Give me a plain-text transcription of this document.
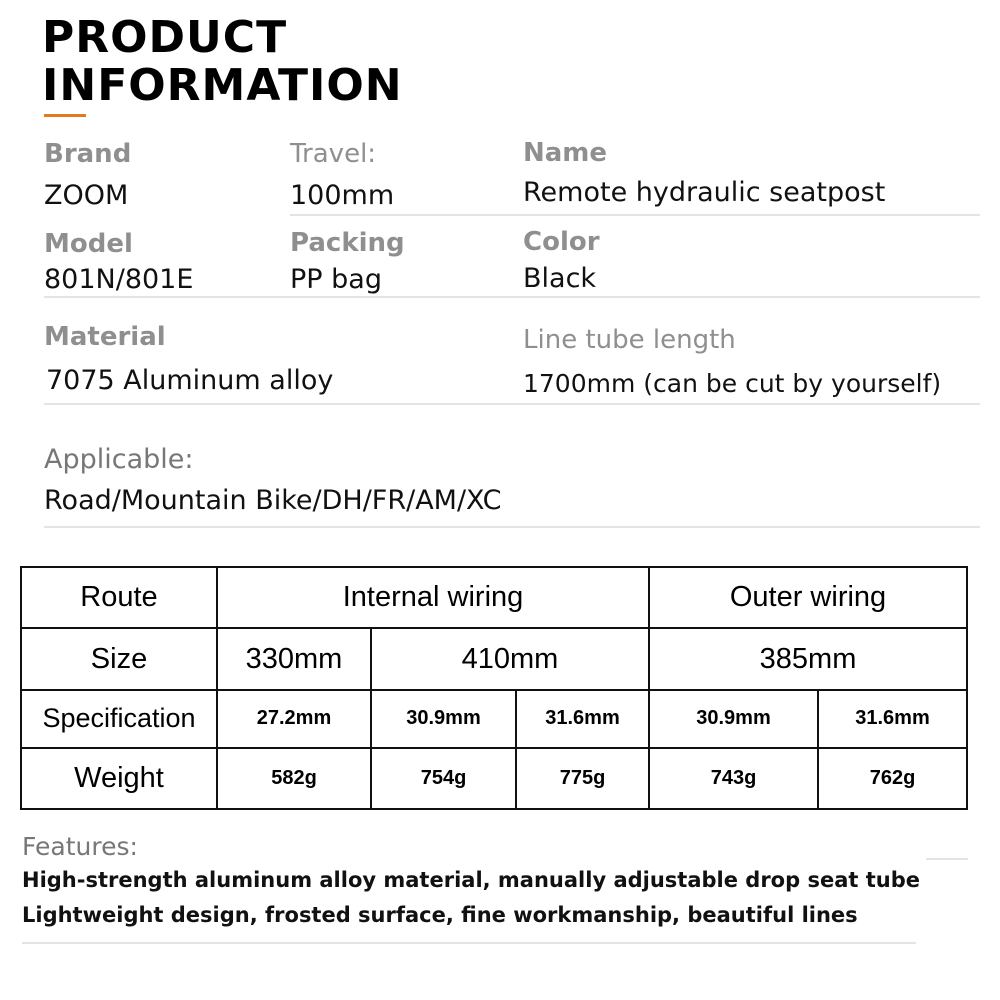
PRODUCT
INFORMATION
Brand	Travel:	Name
ZOOM	100mm	Remote hydraulic seatpost
Model	Packing	Color
801N/801E	PP bag	Black
Material	Line tube length
7075 Aluminum alloy	1700mm (can be cut by yourself)
Applicable:
Road/Mountain Bike/DH/FR/AM/XC
Route	Internal wiring			Outer wiring	
Size	330mm	410mm		385mm	
Specification	27.2mm	30.9mm	31.6mm	30.9mm	31.6mm
Weight	582g	754g	775g	743g	762g
Features:
High-strength aluminum alloy material, manually adjustable drop seat tube
Lightweight design, frosted surface, fine workmanship, beautiful lines
